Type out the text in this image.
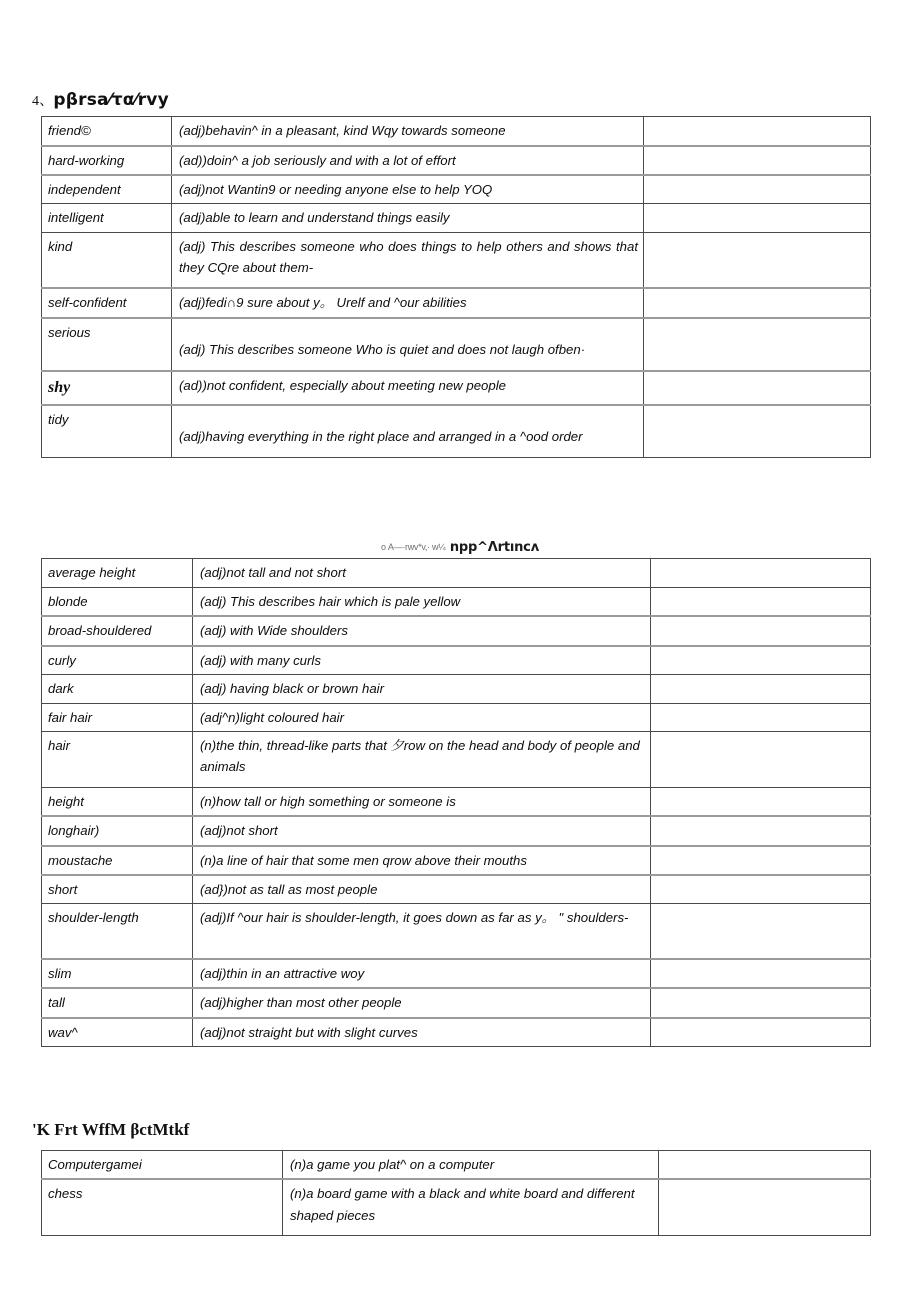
4、pβrsa⁄τα⁄rvy
friend©	(adj)behavin^ in a pleasant, kind Wqy towards someone	
hard-working	(ad))doin^ a job seriously and with a lot of effort	
independent	(adj)not Wantin9 or needing anyone else to help YOQ	
intelligent	(adj)able to learn and understand things easily	
kind	(adj) This describes someone who does things to help others and shows that they CQre about them-	
self-confident	(adj)fedi∩9 sure about y。 Urelf and ^our abilities	
serious	(adj) This describes someone Who is quiet and does not laugh ofben·	
shy	(ad))not confident, especially about meeting new people	
tidy	(adj)having everything in the right place and arranged in a ^ood order	
ο A—·rwv*v,· w¼ npp^Λrtıncʌ
average height	(adj)not tall and not short	
blonde	(adj) This describes hair which is pale yellow	
broad-shouldered	(adj) with Wide shoulders	
curly	(adj) with many curls	
dark	(adj) having black or brown hair	
fair hair	(adj^n)light coloured hair	
hair	(n)the thin, thread-like parts that 夕row on the head and body of people and animals	
height	(n)how tall or high something or someone is	
longhair)	(adj)not short	
moustache	(n)a line of hair that some men qrow above their mouths	
short	(ad})not as tall as most people	
shoulder-length	(adj)If ^our hair is shoulder-length, it goes down as far as y。 " shoulders-	
slim	(adj)thin in an attractive woy	
tall	(adj)higher than most other people	
wav^	(adj)not straight but with slight curves	
'K Frt WffM βctMtkf
Computergamei	(n)a game you plat^ on a computer	
chess	(n)a board game with a black and white board and different shaped pieces	
